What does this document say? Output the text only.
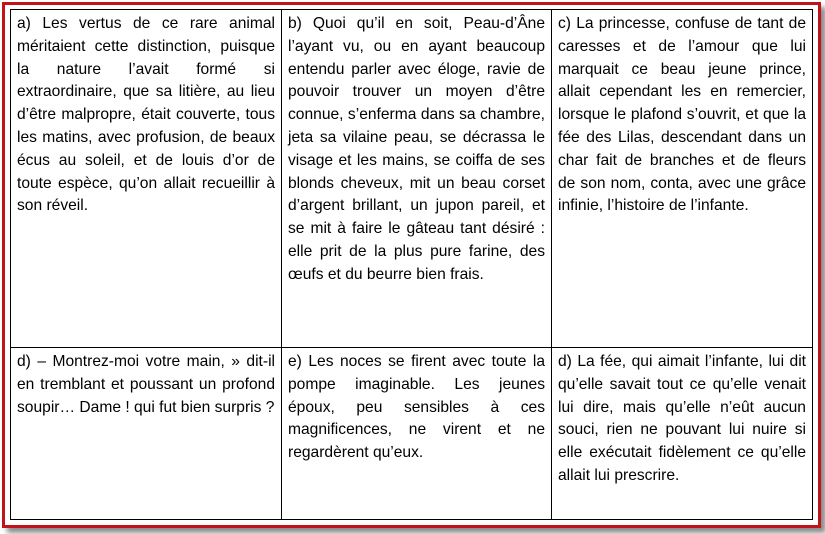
a) Les vertus de ce rare animal méritaient cette distinction, puisque la nature l’avait formé si extraordinaire, que sa litière, au lieu d’être malpropre, était couverte, tous les matins, avec profusion, de beaux écus au soleil, et de louis d’or de toute espèce, qu’on allait recueillir à son réveil.
b) Quoi qu’il en soit, Peau-d’Âne l’ayant vu, ou en ayant beaucoup entendu parler avec éloge, ravie de pouvoir trouver un moyen d’être connue, s’enferma dans sa chambre, jeta sa vilaine peau, se décrassa le visage et les mains, se coiffa de ses blonds cheveux, mit un beau corset d’argent brillant, un jupon pareil, et se mit à faire le gâteau tant désiré : elle prit de la plus pure farine, des œufs et du beurre bien frais.
c) La princesse, confuse de tant de caresses et de l’amour que lui marquait ce beau jeune prince, allait cependant les en remercier, lorsque le plafond s’ouvrit, et que la fée des Lilas, descendant dans un char fait de branches et de fleurs de son nom, conta, avec une grâce infinie, l’histoire de l’infante.
d) – Montrez-moi votre main, » dit-il en tremblant et poussant un profond soupir… Dame ! qui fut bien surpris ?
e) Les noces se firent avec toute la pompe imaginable. Les jeunes époux, peu sensibles à ces magnificences, ne virent et ne regardèrent qu’eux.
d) La fée, qui aimait l’infante, lui dit qu’elle savait tout ce qu’elle venait lui dire, mais qu’elle n’eût aucun souci, rien ne pouvant lui nuire si elle exécutait fidèlement ce qu’elle allait lui prescrire.
